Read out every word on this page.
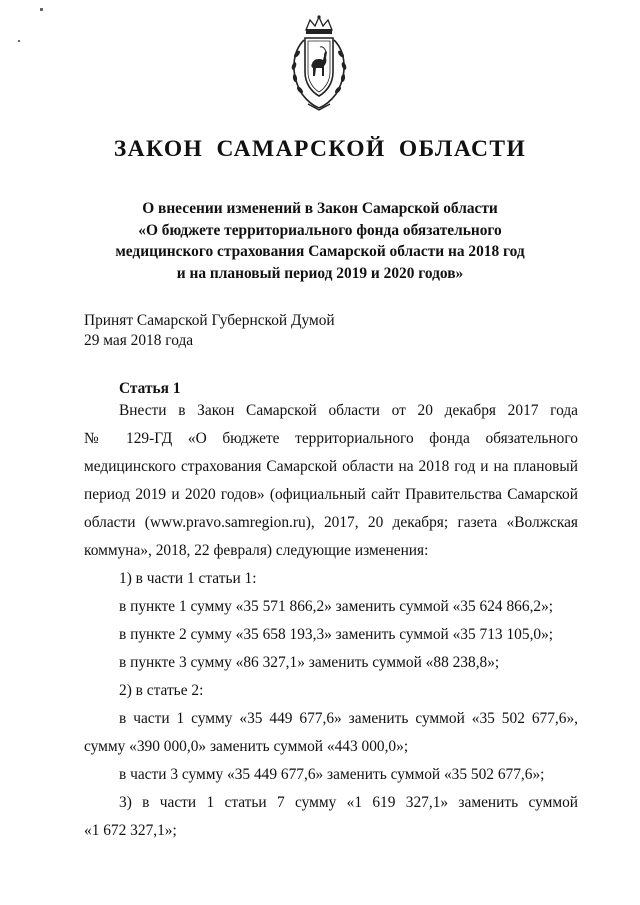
ЗАКОН САМАРСКОЙ ОБЛАСТИ
О внесении изменений в Закон Самарской области
«О бюджете территориального фонда обязательного
медицинского страхования Самарской области на 2018 год
и на плановый период 2019 и 2020 годов»
Принят Самарской Губернской Думой
29 мая 2018 года
Статья 1
Внести в Закон Самарской области от 20 декабря 2017 года
№ 129-ГД «О бюджете территориального фонда обязательного
медицинского страхования Самарской области на 2018 год и на плановый
период 2019 и 2020 годов» (официальный сайт Правительства Самарской
области (www.pravo.samregion.ru), 2017, 20 декабря; газета «Волжская
коммуна», 2018, 22 февраля) следующие изменения:
1) в части 1 статьи 1:
в пункте 1 сумму «35 571 866,2» заменить суммой «35 624 866,2»;
в пункте 2 сумму «35 658 193,3» заменить суммой «35 713 105,0»;
в пункте 3 сумму «86 327,1» заменить суммой «88 238,8»;
2) в статье 2:
в части 1 сумму «35 449 677,6» заменить суммой «35 502 677,6»,
сумму «390 000,0» заменить суммой «443 000,0»;
в части 3 сумму «35 449 677,6» заменить суммой «35 502 677,6»;
3) в части 1 статьи 7 сумму «1 619 327,1» заменить суммой
«1 672 327,1»;
